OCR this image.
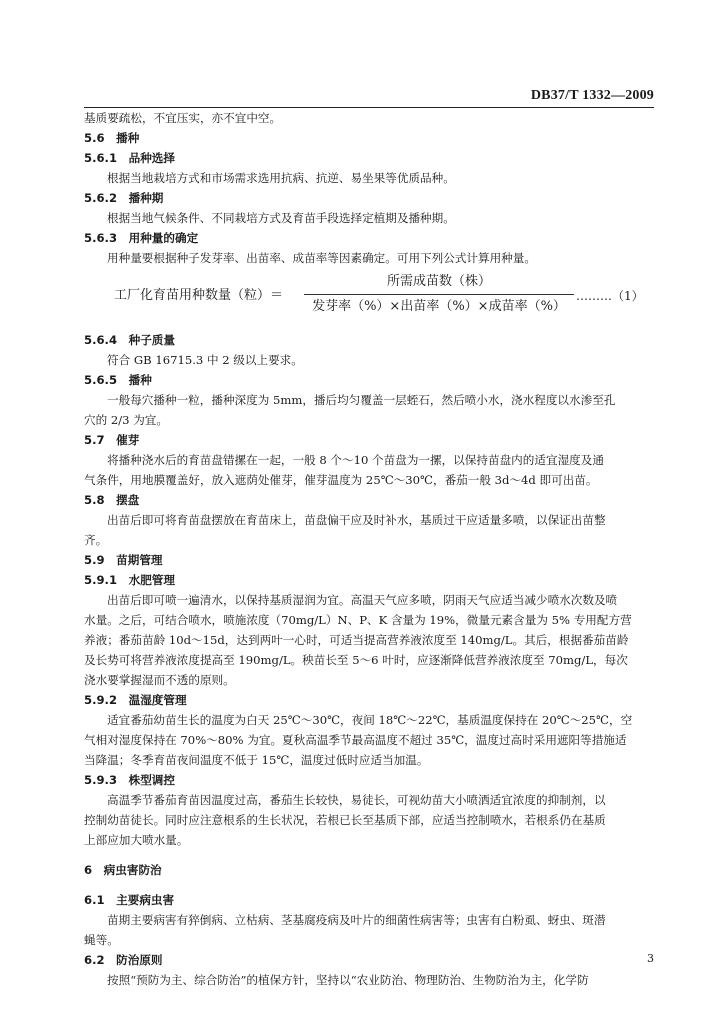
DB37/T 1332—2009
基质要疏松，不宜压实，亦不宜中空。
5.6　播种
5.6.1　品种选择
根据当地栽培方式和市场需求选用抗病、抗逆、易坐果等优质品种。
5.6.2　播种期
根据当地气候条件、不同栽培方式及育苗手段选择定植期及播种期。
5.6.3　用种量的确定
用种量要根据种子发芽率、出苗率、成苗率等因素确定。可用下列公式计算用种量。
工厂化育苗用种数量（粒）＝
所需成苗数（株）
发芽率（%）×出苗率（%）×成苗率（%）
………（1）
5.6.4　种子质量
符合 GB 16715.3 中 2 级以上要求。
5.6.5　播种
一般每穴播种一粒，播种深度为 5mm，播后均匀覆盖一层蛭石，然后喷小水，浇水程度以水渗至孔
穴的 2/3 为宜。
5.7　催芽
将播种浇水后的育苗盘错摞在一起，一般 8 个～10 个苗盘为一摞，以保持苗盘内的适宜湿度及通
气条件，用地膜覆盖好，放入遮荫处催芽，催芽温度为 25℃～30℃，番茄一般 3d～4d 即可出苗。
5.8　摆盘
出苗后即可将育苗盘摆放在育苗床上，苗盘偏干应及时补水，基质过干应适量多喷，以保证出苗整
齐。
5.9　苗期管理
5.9.1　水肥管理
出苗后即可喷一遍清水，以保持基质湿润为宜。高温天气应多喷，阴雨天气应适当减少喷水次数及喷
水量。之后，可结合喷水，喷施浓度（70mg/L）N、P、K 含量为 19%，微量元素含量为 5% 专用配方营
养液；番茄苗龄 10d～15d，达到两叶一心时，可适当提高营养液浓度至 140mg/L。其后，根据番茄苗龄
及长势可将营养液浓度提高至 190mg/L。秧苗长至 5～6 叶时，应逐渐降低营养液浓度至 70mg/L，每次
浇水要掌握湿而不透的原则。
5.9.2　温湿度管理
适宜番茄幼苗生长的温度为白天 25℃～30℃，夜间 18℃～22℃，基质温度保持在 20℃～25℃，空
气相对湿度保持在 70%～80% 为宜。夏秋高温季节最高温度不超过 35℃，温度过高时采用遮阳等措施适
当降温；冬季育苗夜间温度不低于 15℃，温度过低时应适当加温。
5.9.3　株型调控
高温季节番茄育苗因温度过高，番茄生长较快，易徒长，可视幼苗大小喷洒适宜浓度的抑制剂，以
控制幼苗徒长。同时应注意根系的生长状况，若根已长至基质下部，应适当控制喷水，若根系仍在基质
上部应加大喷水量。
6　病虫害防治
6.1　主要病虫害
苗期主要病害有猝倒病、立枯病、茎基腐疫病及叶片的细菌性病害等；虫害有白粉虱、蚜虫、斑潜
蝇等。
6.2　防治原则
按照“预防为主、综合防治”的植保方针，坚持以“农业防治、物理防治、生物防治为主，化学防
3
